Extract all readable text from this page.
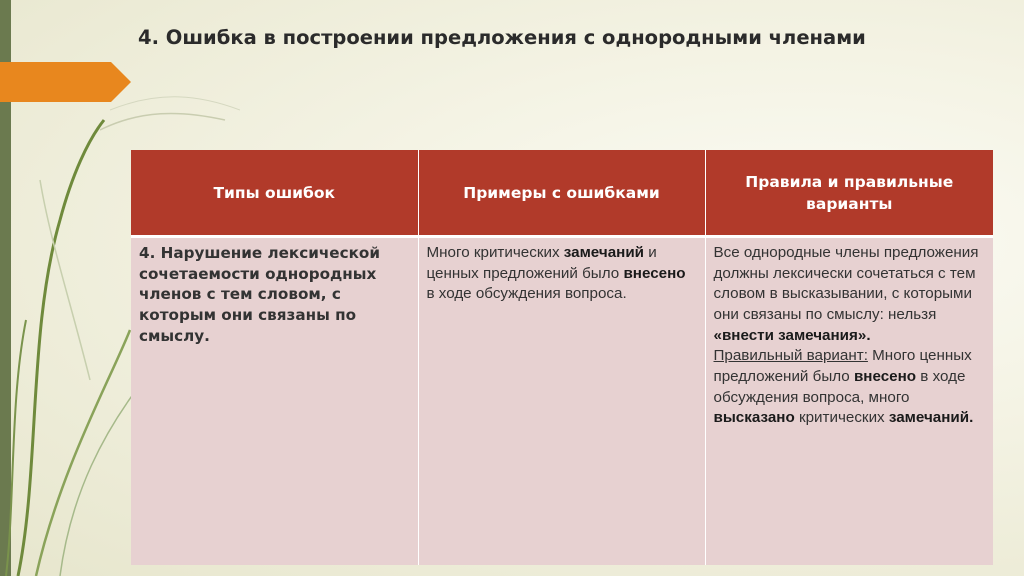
4. Ошибка в построении предложения с однородными членами
Типы ошибок	Примеры с ошибками	Правила и правильные варианты
4. Нарушение лексической сочетаемости однородных членов с тем словом, с которым они связаны по смыслу.	Много критических замечаний и ценных предложений было внесено в ходе обсуждения вопроса.	Все однородные члены предложения должны лексически сочетаться с тем словом в высказывании, с которыми они связаны по смыслу: нельзя «внести замечания».
Правильный вариант: Много ценных предложений было внесено в ходе обсуждения вопроса, много высказано критических замечаний.
